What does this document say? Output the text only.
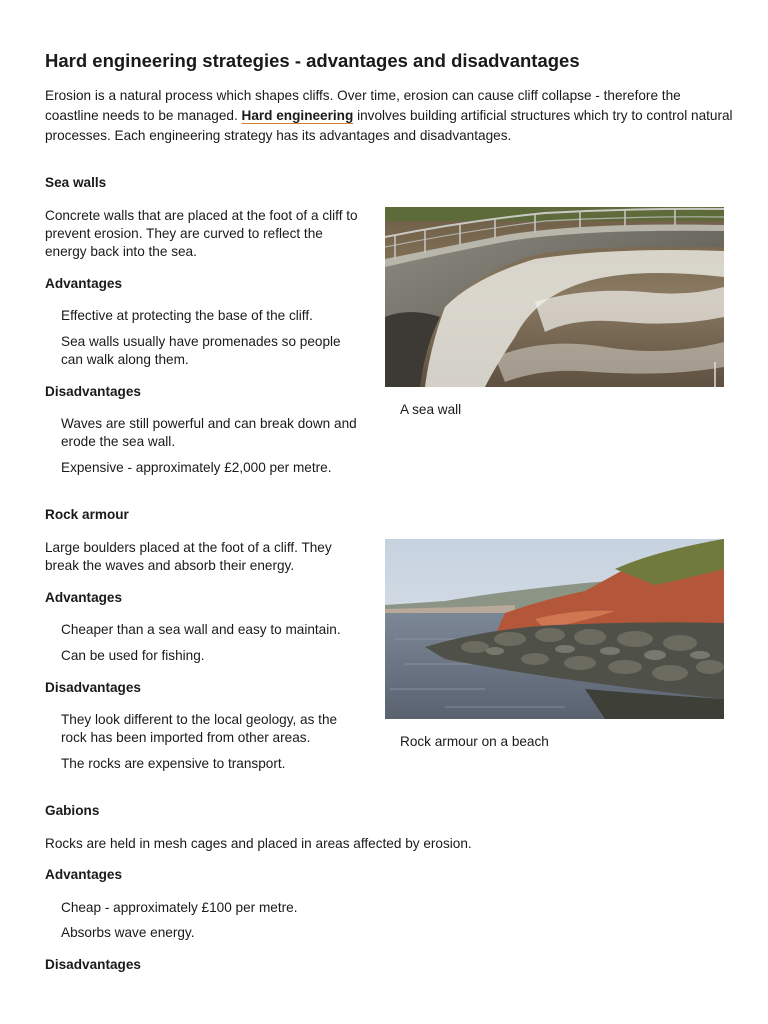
Hard engineering strategies - advantages and disadvantages

Erosion is a natural process which shapes cliffs. Over time, erosion can cause cliff collapse - therefore the coastline needs to be managed. Hard engineering involves building artificial structures which try to control natural processes. Each engineering strategy has its advantages and disadvantages.

Sea walls

Concrete walls that are placed at the foot of a cliff to prevent erosion. They are curved to reflect the energy back into the sea.

Advantages

Effective at protecting the base of the cliff.

Sea walls usually have promenades so people can walk along them.

Disadvantages

Waves are still powerful and can break down and erode the sea wall.

Expensive - approximately £2,000 per metre.

A sea wall

Rock armour

Large boulders placed at the foot of a cliff. They break the waves and absorb their energy.

Advantages

Cheaper than a sea wall and easy to maintain.

Can be used for fishing.

Disadvantages

They look different to the local geology, as the rock has been imported from other areas.

The rocks are expensive to transport.

Rock armour on a beach

Gabions

Rocks are held in mesh cages and placed in areas affected by erosion.

Advantages

Cheap - approximately £100 per metre.

Absorbs wave energy.

Disadvantages
